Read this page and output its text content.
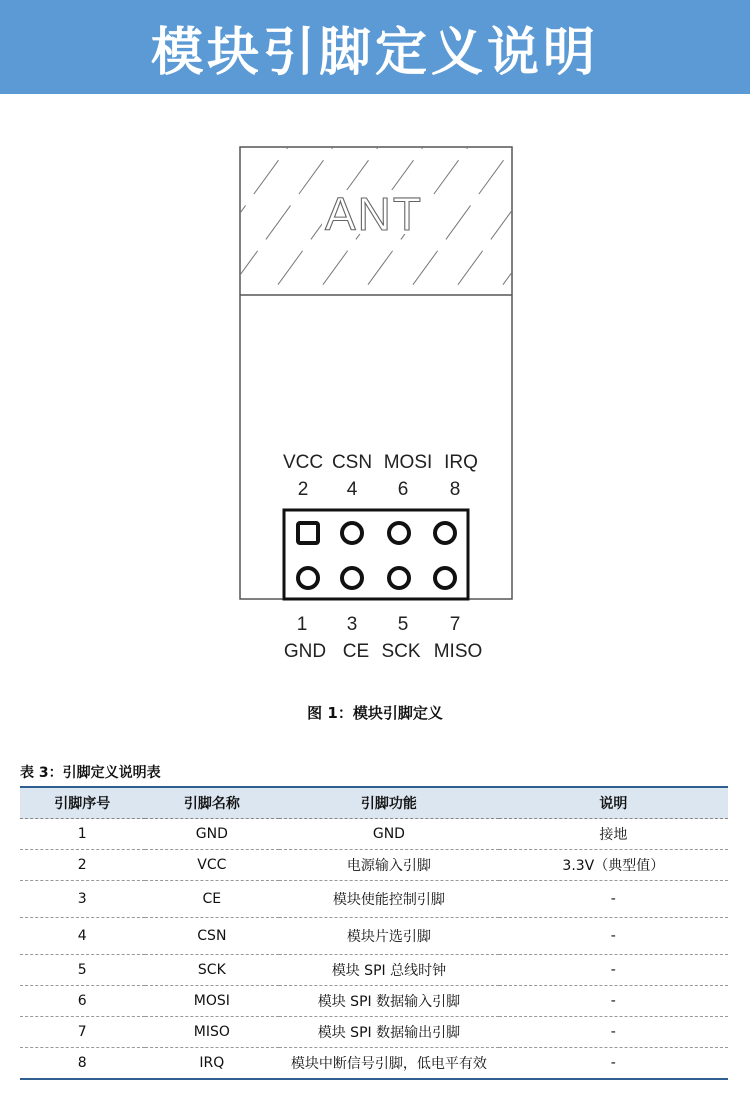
模块引脚定义说明
ANT
VCC CSN MOSI IRQ
2 4 6 8
1 3 5 7
GND CE SCK MISO
图 1：模块引脚定义
表 3：引脚定义说明表
引脚序号	引脚名称	引脚功能	说明
1	GND	GND	接地
2	VCC	电源输入引脚	3.3V（典型值）
3	CE	模块使能控制引脚	-
4	CSN	模块片选引脚	-
5	SCK	模块 SPI 总线时钟	-
6	MOSI	模块 SPI 数据输入引脚	-
7	MISO	模块 SPI 数据输出引脚	-
8	IRQ	模块中断信号引脚，低电平有效	-
